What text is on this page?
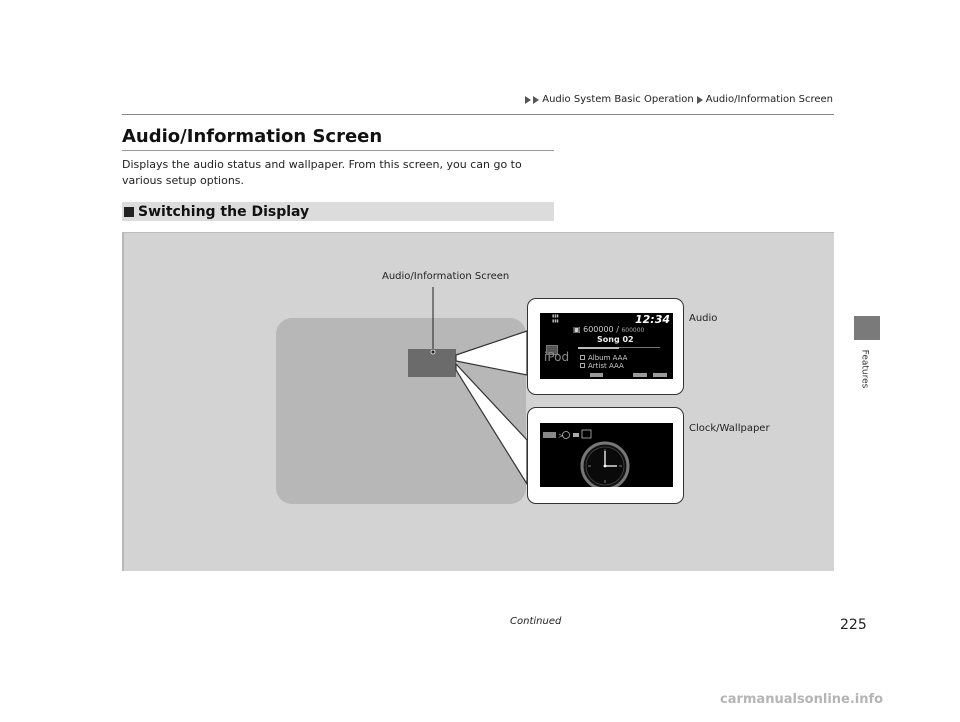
Audio System Basic Operation Audio/Information Screen
Audio/Information Screen
Displays the audio status and wallpaper. From this screen, you can go to various setup options.
Switching the Display
Audio/Information Screen
Audio
Clock/Wallpaper
▮▮▮
▮▮▮	12:34
▣ 600000 / 600000
Song 02
iPod	Album AAA
Artist AAA
>
Features
Continued	225
carmanualsonline.info
